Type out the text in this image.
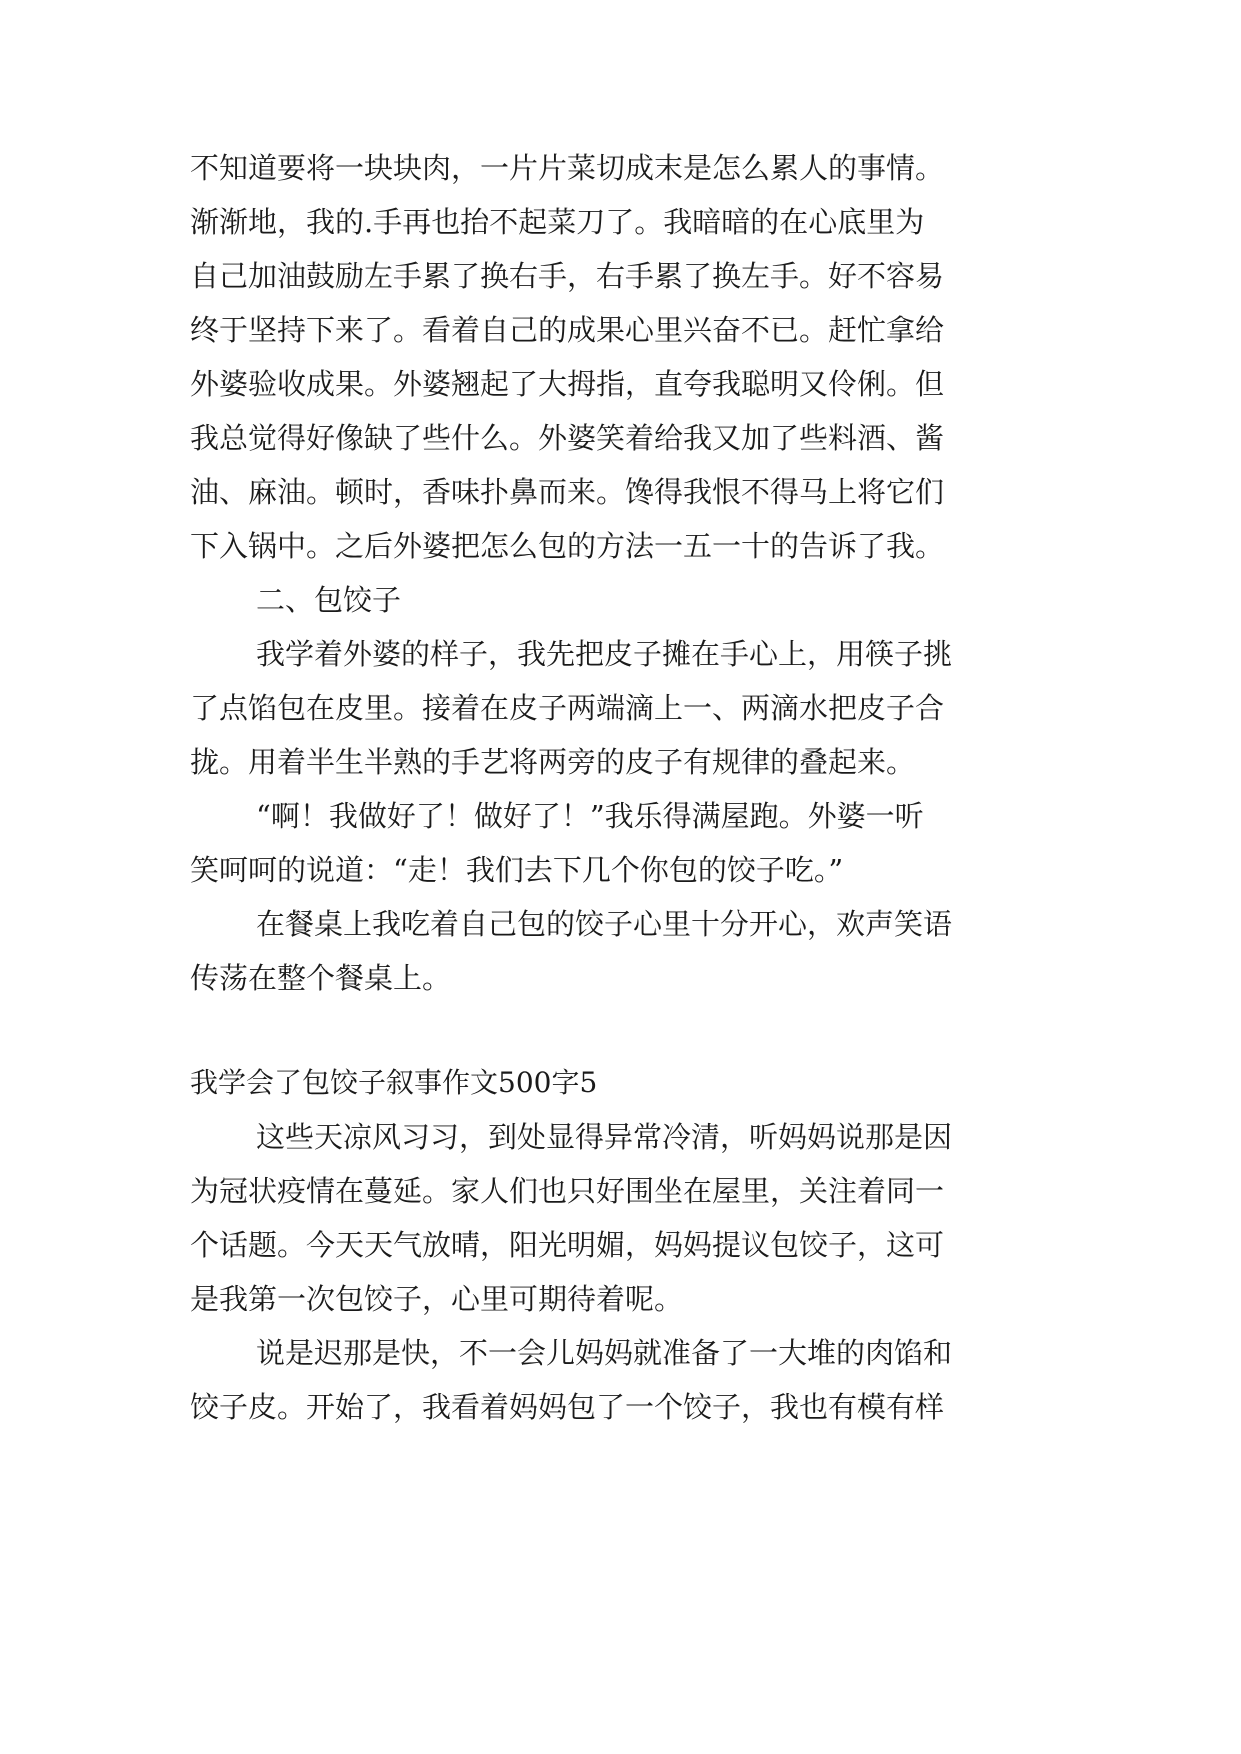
不知道要将一块块肉，一片片菜切成末是怎么累人的事情。
渐渐地，我的.手再也抬不起菜刀了。我暗暗的在心底里为
自己加油鼓励左手累了换右手，右手累了换左手。好不容易
终于坚持下来了。看着自己的成果心里兴奋不已。赶忙拿给
外婆验收成果。外婆翘起了大拇指，直夸我聪明又伶俐。但
我总觉得好像缺了些什么。外婆笑着给我又加了些料酒、酱
油、麻油。顿时，香味扑鼻而来。馋得我恨不得马上将它们
下入锅中。之后外婆把怎么包的方法一五一十的告诉了我。
二、包饺子
我学着外婆的样子，我先把皮子摊在手心上，用筷子挑
了点馅包在皮里。接着在皮子两端滴上一、两滴水把皮子合
拢。用着半生半熟的手艺将两旁的皮子有规律的叠起来。
“啊！我做好了！做好了！”我乐得满屋跑。外婆一听
笑呵呵的说道：“走！我们去下几个你包的饺子吃。”
在餐桌上我吃着自己包的饺子心里十分开心，欢声笑语
传荡在整个餐桌上。
我学会了包饺子叙事作文500字5
这些天凉风习习，到处显得异常冷清，听妈妈说那是因
为冠状疫情在蔓延。家人们也只好围坐在屋里，关注着同一
个话题。今天天气放晴，阳光明媚，妈妈提议包饺子，这可
是我第一次包饺子，心里可期待着呢。
说是迟那是快，不一会儿妈妈就准备了一大堆的肉馅和
饺子皮。开始了，我看着妈妈包了一个饺子，我也有模有样
